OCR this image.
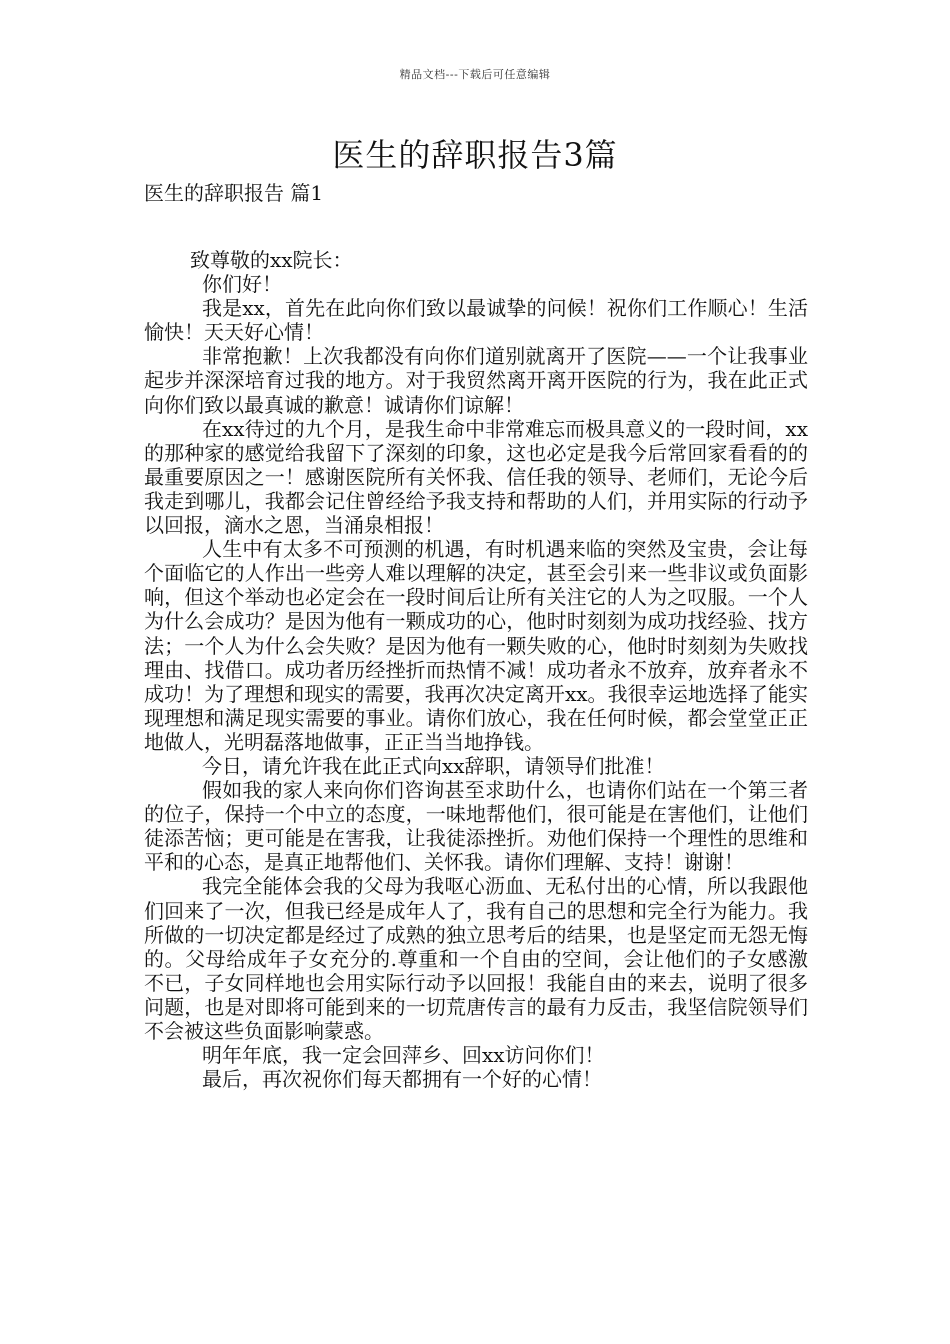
精品文档---下载后可任意编辑
医生的辞职报告3篇
医生的辞职报告 篇1

致尊敬的xx院长：

你们好！

我是xx，首先在此向你们致以最诚挚的问候！祝你们工作顺心！生活愉快！天天好心情！

非常抱歉！上次我都没有向你们道别就离开了医院——一个让我事业起步并深深培育过我的地方。对于我贸然离开离开医院的行为，我在此正式向你们致以最真诚的歉意！诚请你们谅解！

在xx待过的九个月，是我生命中非常难忘而极具意义的一段时间，xx的那种家的感觉给我留下了深刻的印象，这也必定是我今后常回家看看的的最重要原因之一！感谢医院所有关怀我、信任我的领导、老师们，无论今后我走到哪儿，我都会记住曾经给予我支持和帮助的人们，并用实际的行动予以回报，滴水之恩，当涌泉相报！

人生中有太多不可预测的机遇，有时机遇来临的突然及宝贵，会让每个面临它的人作出一些旁人难以理解的决定，甚至会引来一些非议或负面影响，但这个举动也必定会在一段时间后让所有关注它的人为之叹服。一个人为什么会成功？是因为他有一颗成功的心，他时时刻刻为成功找经验、找方法；一个人为什么会失败？是因为他有一颗失败的心，他时时刻刻为失败找理由、找借口。成功者历经挫折而热情不减！成功者永不放弃，放弃者永不成功！为了理想和现实的需要，我再次决定离开xx。我很幸运地选择了能实现理想和满足现实需要的事业。请你们放心，我在任何时候，都会堂堂正正地做人，光明磊落地做事，正正当当地挣钱。

今日，请允许我在此正式向xx辞职，请领导们批准！

假如我的家人来向你们咨询甚至求助什么，也请你们站在一个第三者的位子，保持一个中立的态度，一味地帮他们，很可能是在害他们，让他们徒添苦恼；更可能是在害我，让我徒添挫折。劝他们保持一个理性的思维和平和的心态，是真正地帮他们、关怀我。请你们理解、支持！谢谢！

我完全能体会我的父母为我呕心沥血、无私付出的心情，所以我跟他们回来了一次，但我已经是成年人了，我有自己的思想和完全行为能力。我所做的一切决定都是经过了成熟的独立思考后的结果，也是坚定而无怨无悔的。父母给成年子女充分的.尊重和一个自由的空间，会让他们的子女感激不已，子女同样地也会用实际行动予以回报！我能自由的来去，说明了很多问题，也是对即将可能到来的一切荒唐传言的最有力反击，我坚信院领导们不会被这些负面影响蒙惑。

明年年底，我一定会回萍乡、回xx访问你们！

最后，再次祝你们每天都拥有一个好的心情！
